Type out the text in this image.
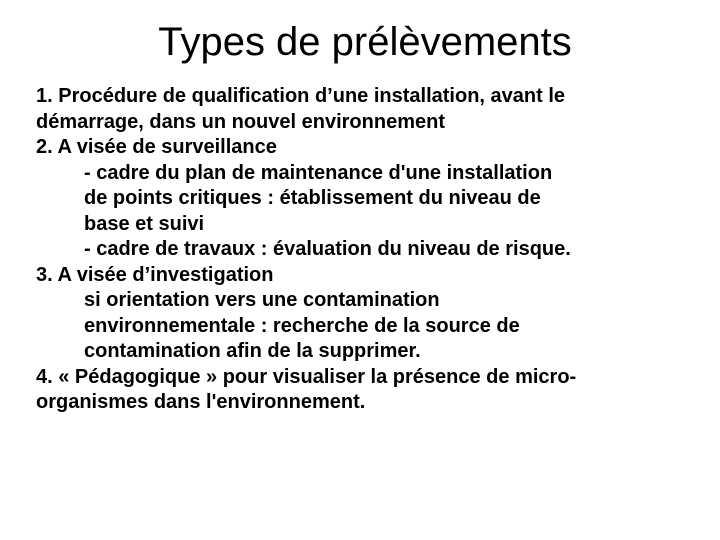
Types de prélèvements

1. Procédure de qualification d’une installation, avant le

démarrage, dans un nouvel environnement

2. A visée de surveillance

- cadre du plan de maintenance d'une installation

de points critiques : établissement du niveau de

base et suivi

- cadre de travaux : évaluation du niveau de risque.

3. A visée d’investigation

si orientation vers une contamination

environnementale : recherche de la source de

contamination afin de la supprimer.

4. « Pédagogique » pour visualiser la présence de micro-

organismes dans l'environnement.
